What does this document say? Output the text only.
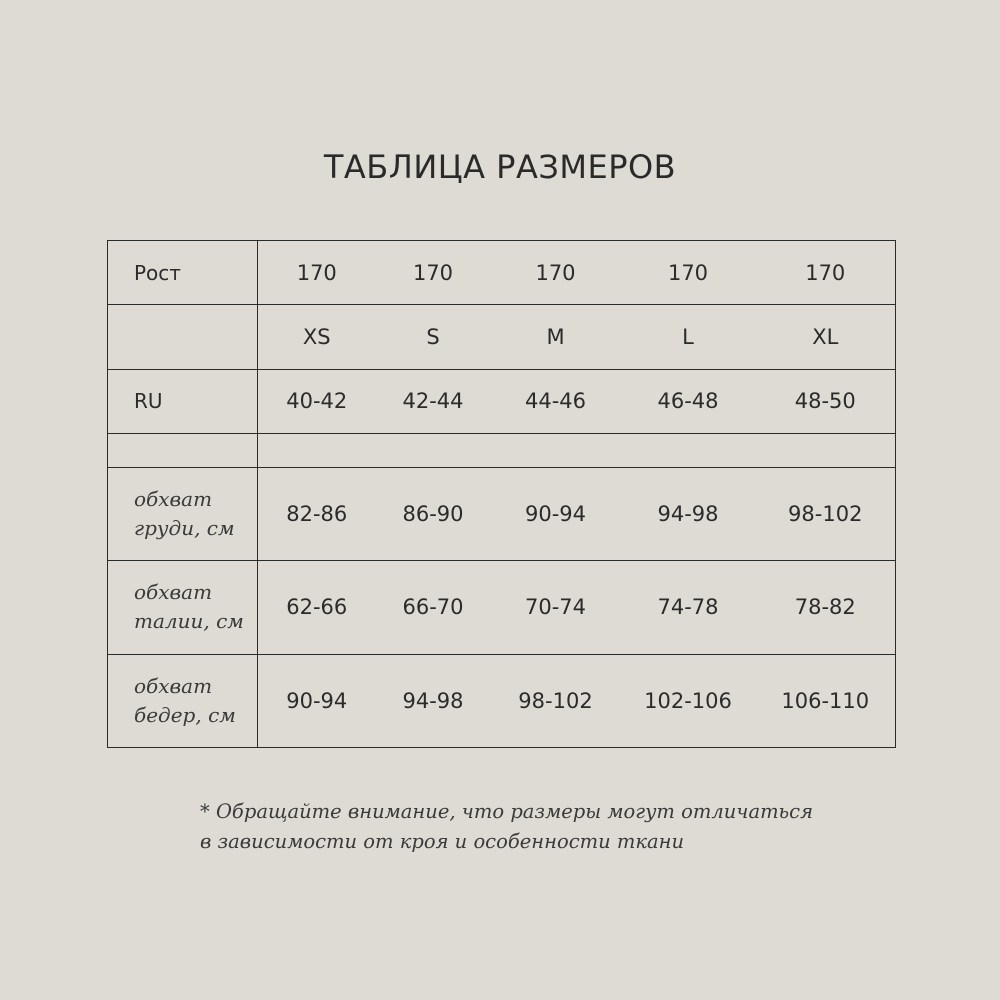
ТАБЛИЦА РАЗМЕРОВ
Рост	170	170	170	170	170
	XS	S	M	L	XL
RU	40-42	42-44	44-46	46-48	48-50

обхват
груди, см	82-86	86-90	90-94	94-98	98-102

обхват
талии, см	62-66	66-70	70-74	74-78	78-82

обхват
бедер, см	90-94	94-98	98-102	102-106	106-110
* Обращайте внимание, что размеры могут отличаться
в зависимости от кроя и особенности ткани
